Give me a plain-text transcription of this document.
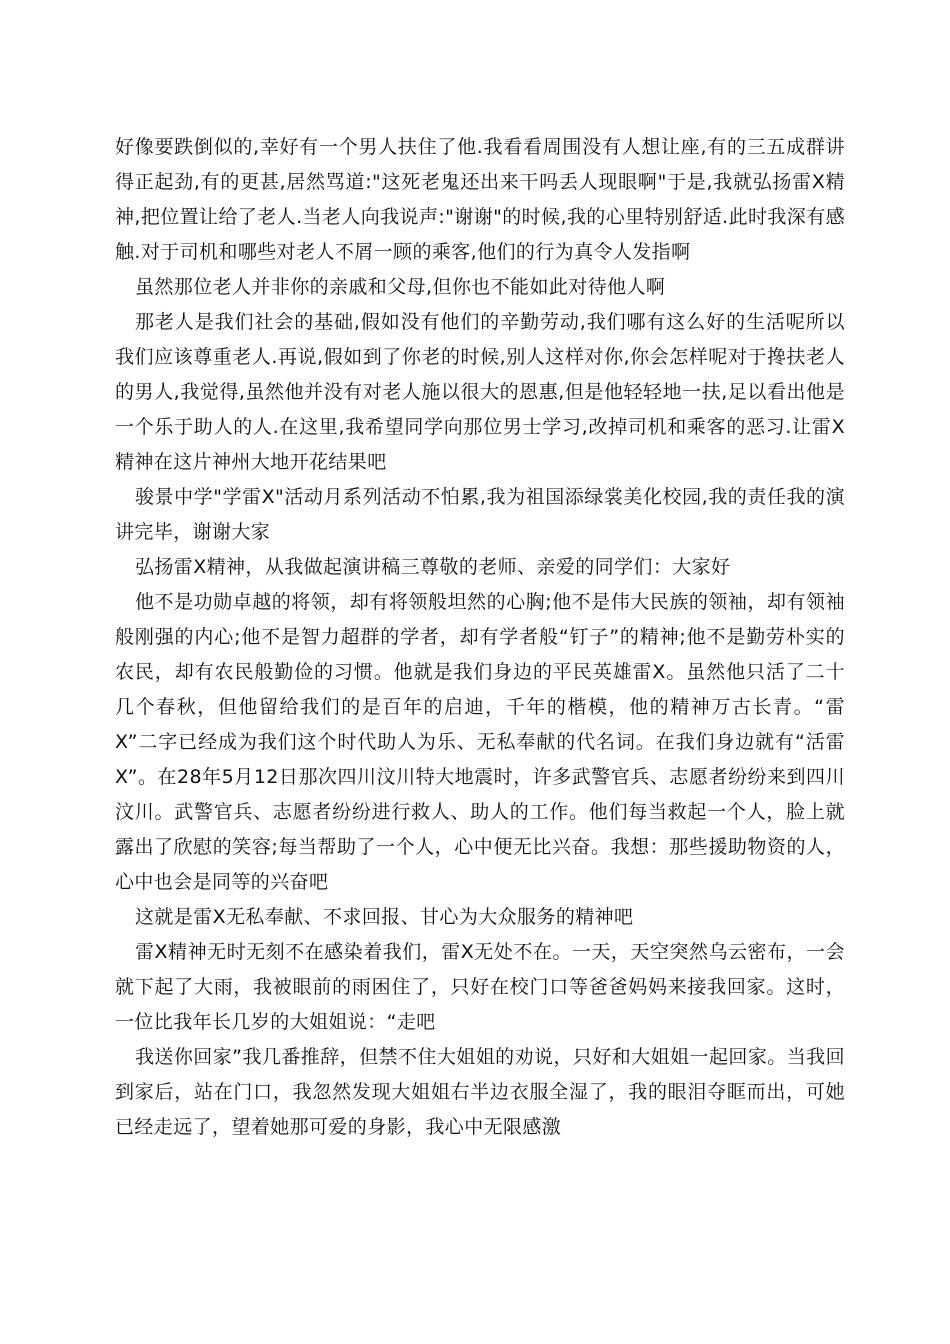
好像要跌倒似的,幸好有一个男人扶住了他.我看看周围没有人想让座,有的三五成群讲得正起劲,有的更甚,居然骂道:"这死老鬼还出来干吗丢人现眼啊"于是,我就弘扬雷X精神,把位置让给了老人.当老人向我说声:"谢谢"的时候,我的心里特别舒适.此时我深有感触.对于司机和哪些对老人不屑一顾的乘客,他们的行为真令人发指啊

虽然那位老人并非你的亲戚和父母,但你也不能如此对待他人啊

那老人是我们社会的基础,假如没有他们的辛勤劳动,我们哪有这么好的生活呢所以我们应该尊重老人.再说,假如到了你老的时候,别人这样对你,你会怎样呢对于搀扶老人的男人,我觉得,虽然他并没有对老人施以很大的恩惠,但是他轻轻地一扶,足以看出他是一个乐于助人的人.在这里,我希望同学向那位男士学习,改掉司机和乘客的恶习.让雷X精神在这片神州大地开花结果吧

骏景中学"学雷X"活动月系列活动不怕累,我为祖国添绿裳美化校园,我的责任我的演讲完毕，谢谢大家

弘扬雷X精神，从我做起演讲稿三尊敬的老师、亲爱的同学们：大家好

他不是功勋卓越的将领，却有将领般坦然的心胸;他不是伟大民族的领袖，却有领袖般刚强的内心;他不是智力超群的学者，却有学者般“钉子”的精神;他不是勤劳朴实的农民，却有农民般勤俭的习惯。他就是我们身边的平民英雄雷X。虽然他只活了二十几个春秋，但他留给我们的是百年的启迪，千年的楷模，他的精神万古长青。“雷X”二字已经成为我们这个时代助人为乐、无私奉献的代名词。在我们身边就有“活雷X”。在28年5月12日那次四川汶川特大地震时，许多武警官兵、志愿者纷纷来到四川汶川。武警官兵、志愿者纷纷进行救人、助人的工作。他们每当救起一个人，脸上就露出了欣慰的笑容;每当帮助了一个人，心中便无比兴奋。我想：那些援助物资的人，心中也会是同等的兴奋吧

这就是雷X无私奉献、不求回报、甘心为大众服务的精神吧

雷X精神无时无刻不在感染着我们，雷X无处不在。一天，天空突然乌云密布，一会就下起了大雨，我被眼前的雨困住了，只好在校门口等爸爸妈妈来接我回家。这时，一位比我年长几岁的大姐姐说：“走吧

我送你回家”我几番推辞，但禁不住大姐姐的劝说，只好和大姐姐一起回家。当我回到家后，站在门口，我忽然发现大姐姐右半边衣服全湿了，我的眼泪夺眶而出，可她已经走远了，望着她那可爱的身影，我心中无限感激
